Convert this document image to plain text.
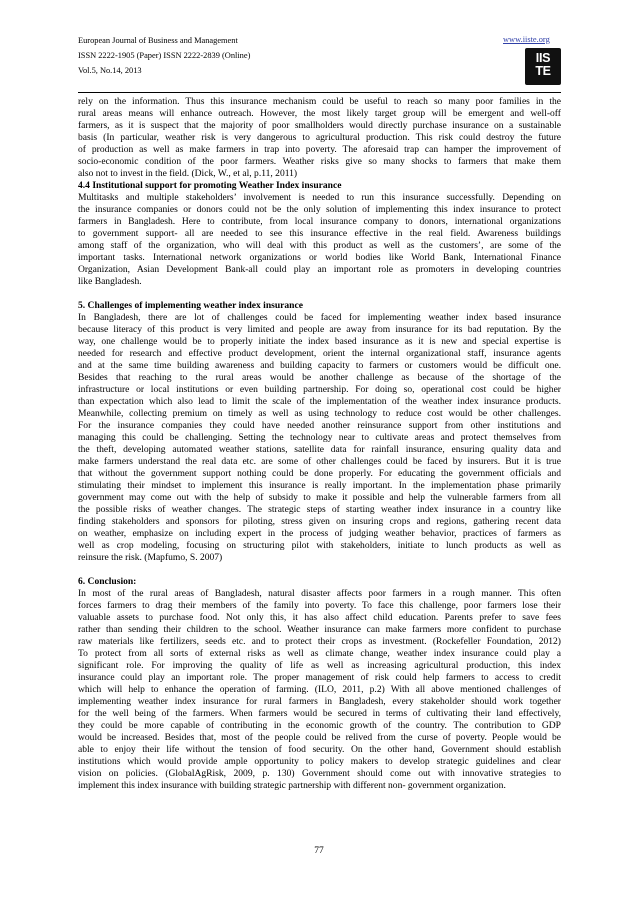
European Journal of Business and Management
ISSN 2222-1905 (Paper) ISSN 2222-2839 (Online)
Vol.5, No.14, 2013
www.iiste.org
IIS
TE
rely on the information. Thus this insurance mechanism could be useful to reach so many poor families in the
rural areas means will enhance outreach. However, the most likely target group will be emergent and well-off
farmers, as it is suspect that the majority of poor smallholders would directly purchase insurance on a sustainable
basis (In particular, weather risk is very dangerous to agricultural production. This risk could destroy the future
of production as well as make farmers in trap into poverty. The aforesaid trap can hamper the improvement of
socio-economic condition of the poor farmers. Weather risks give so many shocks to farmers that make them
also not to invest in the field. (Dick, W., et al, p.11, 2011)
4.4 Institutional support for promoting Weather Index insurance
Multitasks and multiple stakeholders’ involvement is needed to run this insurance successfully. Depending on
the insurance companies or donors could not be the only solution of implementing this index insurance to protect
farmers in Bangladesh. Here to contribute, from local insurance company to donors, international organizations
to government support- all are needed to see this insurance effective in the real field. Awareness buildings
among staff of the organization, who will deal with this product as well as the customers’, are some of the
important tasks. International network organizations or world bodies like World Bank, International Finance
Organization, Asian Development Bank-all could play an important role as promoters in developing countries
like Bangladesh.
5. Challenges of implementing weather index insurance
In Bangladesh, there are lot of challenges could be faced for implementing weather index based insurance
because literacy of this product is very limited and people are away from insurance for its bad reputation. By the
way, one challenge would be to properly initiate the index based insurance as it is new and special expertise is
needed for research and effective product development, orient the internal organizational staff, insurance agents
and at the same time building awareness and building capacity to farmers or customers would be difficult one.
Besides that reaching to the rural areas would be another challenge as because of the shortage of the
infrastructure or local institutions or even building partnership. For doing so, operational cost could be higher
than expectation which also lead to limit the scale of the implementation of the weather index insurance products.
Meanwhile, collecting premium on timely as well as using technology to reduce cost would be other challenges.
For the insurance companies they could have needed another reinsurance support from other institutions and
managing this could be challenging. Setting the technology near to cultivate areas and protect themselves from
the theft, developing automated weather stations, satellite data for rainfall insurance, ensuring quality data and
make farmers understand the real data etc. are some of other challenges could be faced by insurers. But it is true
that without the government support nothing could be done properly. For educating the government officials and
stimulating their mindset to implement this insurance is really important. In the implementation phase primarily
government may come out with the help of subsidy to make it possible and help the vulnerable farmers from all
the possible risks of weather changes. The strategic steps of starting weather index insurance in a country like
finding stakeholders and sponsors for piloting, stress given on insuring crops and regions, gathering recent data
on weather, emphasize on including expert in the process of judging weather behavior, practices of farmers as
well as crop modeling, focusing on structuring pilot with stakeholders, initiate to lunch products as well as
reinsure the risk. (Mapfumo, S. 2007)
6. Conclusion:
In most of the rural areas of Bangladesh, natural disaster affects poor farmers in a rough manner. This often
forces farmers to drag their members of the family into poverty. To face this challenge, poor farmers lose their
valuable assets to purchase food. Not only this, it has also affect child education. Parents prefer to save fees
rather than sending their children to the school. Weather insurance can make farmers more confident to purchase
raw materials like fertilizers, seeds etc. and to protect their crops as investment. (Rockefeller Foundation, 2012)
To protect from all sorts of external risks as well as climate change, weather index insurance could play a
significant role. For improving the quality of life as well as increasing agricultural production, this index
insurance could play an important role. The proper management of risk could help farmers to access to credit
which will help to enhance the operation of farming. (ILO, 2011, p.2) With all above mentioned challenges of
implementing weather index insurance for rural farmers in Bangladesh, every stakeholder should work together
for the well being of the farmers. When farmers would be secured in terms of cultivating their land effectively,
they could be more capable of contributing in the economic growth of the country. The contribution to GDP
would be increased. Besides that, most of the people could be relived from the curse of poverty. People would be
able to enjoy their life without the tension of food security. On the other hand, Government should establish
institutions which would provide ample opportunity to policy makers to develop strategic guidelines and clear
vision on policies. (GlobalAgRisk, 2009, p. 130) Government should come out with innovative strategies to
implement this index insurance with building strategic partnership with different non- government organization.
77
